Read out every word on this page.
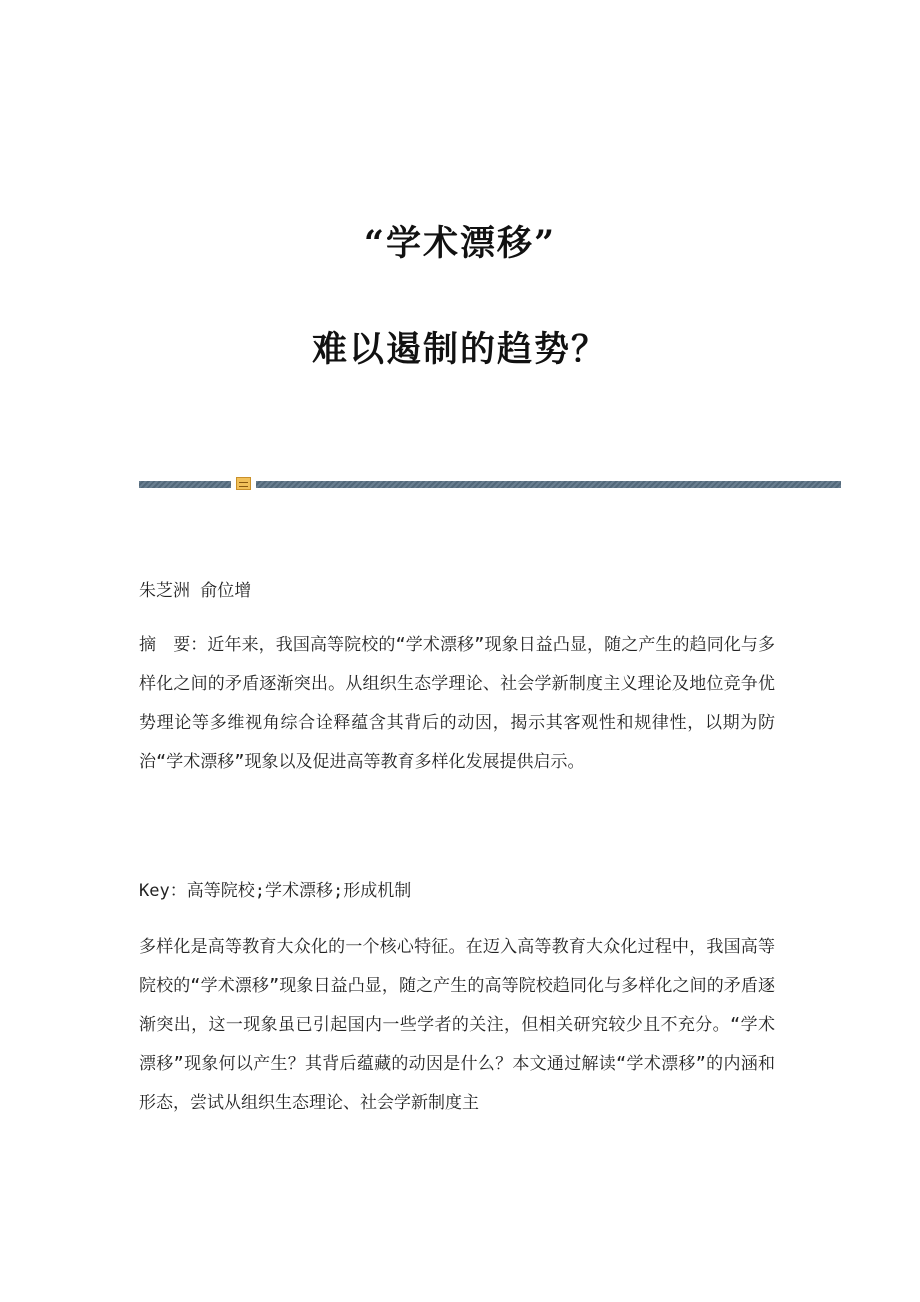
“学术漂移”
难以遏制的趋势？
朱芝洲 俞位增

摘　要：近年来，我国高等院校的“学术漂移”现象日益凸显，随之产生的趋同化与多样化之间的矛盾逐渐突出。从组织生态学理论、社会学新制度主义理论及地位竞争优势理论等多维视角综合诠释蕴含其背后的动因，揭示其客观性和规律性，以期为防治“学术漂移”现象以及促进高等教育多样化发展提供启示。

Key：高等院校;学术漂移;形成机制

多样化是高等教育大众化的一个核心特征。在迈入高等教育大众化过程中，我国高等院校的“学术漂移”现象日益凸显，随之产生的高等院校趋同化与多样化之间的矛盾逐渐突出，这一现象虽已引起国内一些学者的关注，但相关研究较少且不充分。“学术漂移”现象何以产生？其背后蕴藏的动因是什么？本文通过解读“学术漂移”的内涵和形态，尝试从组织生态理论、社会学新制度主
